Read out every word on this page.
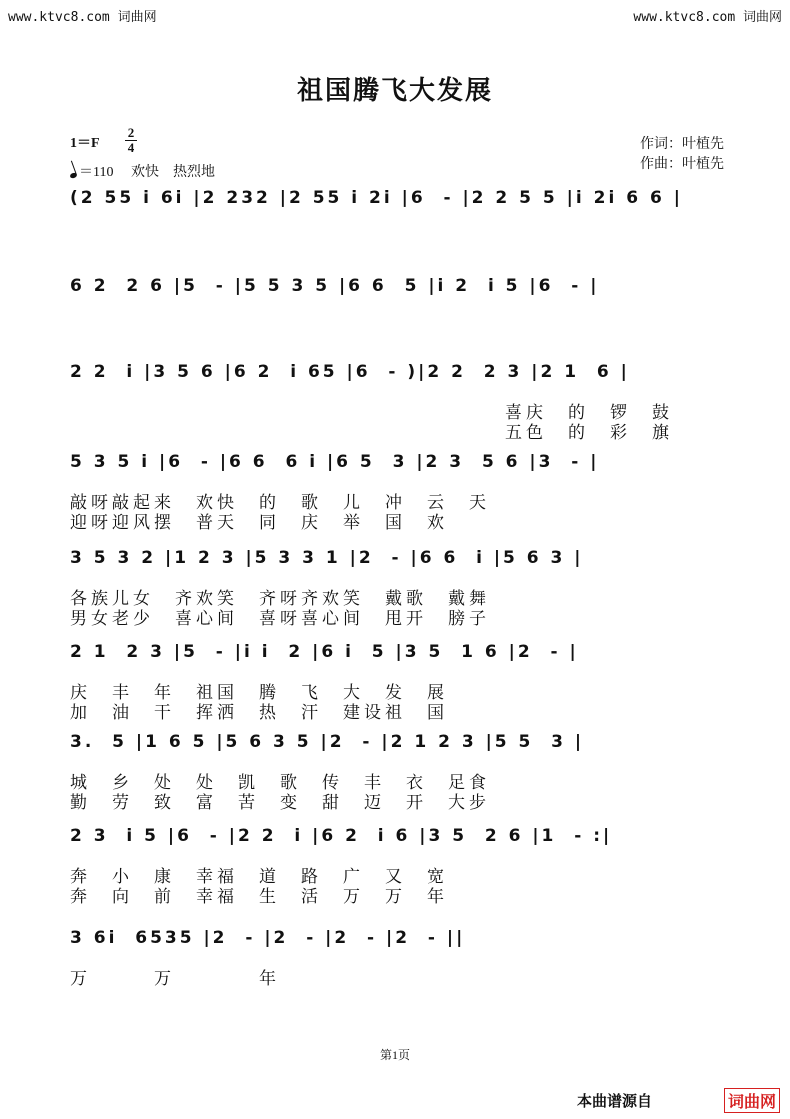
www.ktvc8.com 词曲网	www.ktvc8.com 词曲网
祖国腾飞大发展
1＝F
2
4
＝110　 欢快　热烈地
作词：叶植先
作曲：叶植先
(2 55 i 6i |2 232 |2 55 i 2i |6  - |2 2 5 5 |i 2i 6 6 |
6 2  2 6 |5  - |5 5 3 5 |6 6  5 |i 2  i 5 |6  - |
2 2  i |3 5 6 |6 2  i 65 |6  - )|2 2  2 3 |2 1  6 |
喜庆　的　锣　鼓
五色　的　彩　旗
5 3 5 i |6  - |6 6  6 i |6 5  3 |2 3  5 6 |3  - |
敲呀敲起来　欢快　的　歌　儿　冲　云　天
迎呀迎风摆　普天　同　庆　举　国　欢
3 5 3 2 |1 2 3 |5 3 3 1 |2  - |6 6  i |5 6 3 |
各族儿女　齐欢笑　齐呀齐欢笑　戴歌　戴舞
男女老少　喜心间　喜呀喜心间　甩开　膀子
2 1  2 3 |5  - |i i  2 |6 i  5 |3 5  1 6 |2  - |
庆　丰　年　祖国　腾　飞　大　发　展
加　油　干　挥洒　热　汗　建设祖　国
3.  5 |1 6 5 |5 6 3 5 |2  - |2 1 2 3 |5 5  3 |
城　乡　处　处　凯　歌　传　丰　衣　足食
勤　劳　致　富　苦　变　甜　迈　开　大步
2 3  i 5 |6  - |2 2  i |6 2  i 6 |3 5  2 6 |1  - :|
奔　小　康　幸福　道　路　广　又　宽
奔　向　前　幸福　生　活　万　万　年
3 6i  6535 |2  - |2  - |2  - |2  - ||
万　　　万　　　　年
第1页
本曲谱源自	词曲网
